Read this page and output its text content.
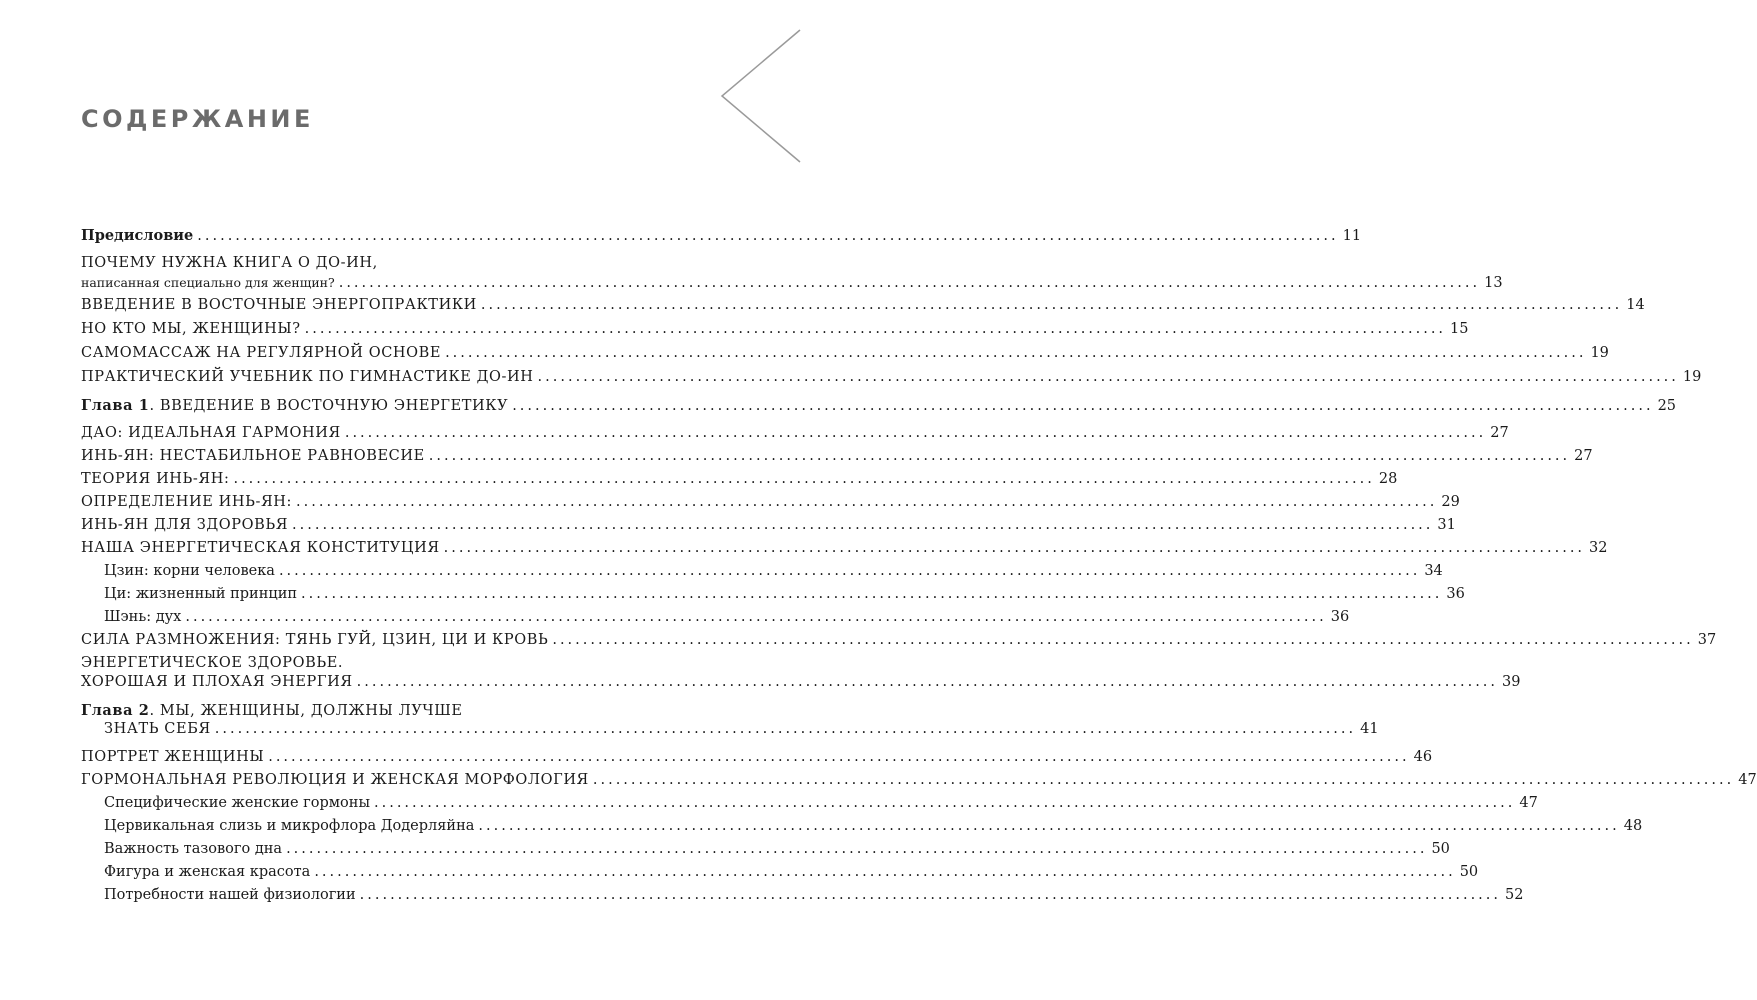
СОДЕРЖАНИЕ
Предисловие ...................................................................................................................................................... 11
ПОЧЕМУ НУЖНА КНИГА О ДО-ИН,
написанная специально для женщин? ...................................................................................................................................................... 13
ВВЕДЕНИЕ В ВОСТОЧНЫЕ ЭНЕРГОПРАКТИКИ ...................................................................................................................................................... 14
НО КТО МЫ, ЖЕНЩИНЫ? ...................................................................................................................................................... 15
САМОМАССАЖ НА РЕГУЛЯРНОЙ ОСНОВЕ ...................................................................................................................................................... 19
ПРАКТИЧЕСКИЙ УЧЕБНИК ПО ГИМНАСТИКЕ ДО-ИН ...................................................................................................................................................... 19
Глава 1. ВВЕДЕНИЕ В ВОСТОЧНУЮ ЭНЕРГЕТИКУ ...................................................................................................................................................... 25
ДАО: ИДЕАЛЬНАЯ ГАРМОНИЯ ...................................................................................................................................................... 27
ИНЬ-ЯН: НЕСТАБИЛЬНОЕ РАВНОВЕСИЕ ...................................................................................................................................................... 27
ТЕОРИЯ ИНЬ-ЯН: ...................................................................................................................................................... 28
ОПРЕДЕЛЕНИЕ ИНЬ-ЯН: ...................................................................................................................................................... 29
ИНЬ-ЯН ДЛЯ ЗДОРОВЬЯ ...................................................................................................................................................... 31
НАША ЭНЕРГЕТИЧЕСКАЯ КОНСТИТУЦИЯ ...................................................................................................................................................... 32
Цзин: корни человека ...................................................................................................................................................... 34
Ци: жизненный принцип ...................................................................................................................................................... 36
Шэнь: дух ...................................................................................................................................................... 36
СИЛА РАЗМНОЖЕНИЯ: ТЯНЬ ГУЙ, ЦЗИН, ЦИ И КРОВЬ ...................................................................................................................................................... 37
ЭНЕРГЕТИЧЕСКОЕ ЗДОРОВЬЕ.
ХОРОШАЯ И ПЛОХАЯ ЭНЕРГИЯ ...................................................................................................................................................... 39
Глава 2. МЫ, ЖЕНЩИНЫ, ДОЛЖНЫ ЛУЧШЕ
ЗНАТЬ СЕБЯ ...................................................................................................................................................... 41
ПОРТРЕТ ЖЕНЩИНЫ ...................................................................................................................................................... 46
ГОРМОНАЛЬНАЯ РЕВОЛЮЦИЯ И ЖЕНСКАЯ МОРФОЛОГИЯ ...................................................................................................................................................... 47
Специфические женские гормоны ...................................................................................................................................................... 47
Цервикальная слизь и микрофлора Додерляйна ...................................................................................................................................................... 48
Важность тазового дна ...................................................................................................................................................... 50
Фигура и женская красота ...................................................................................................................................................... 50
Потребности нашей физиологии ...................................................................................................................................................... 52
